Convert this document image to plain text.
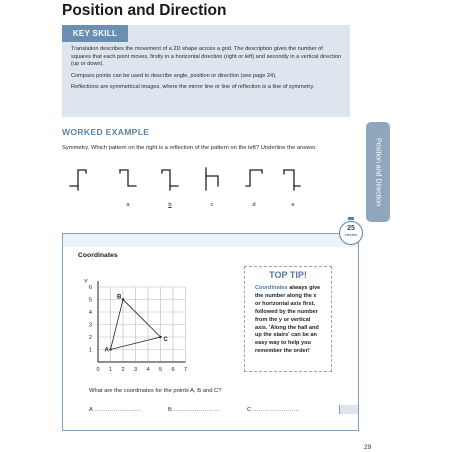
Position and Direction
KEY SKILL

Translation describes the movement of a 2D shape across a grid. The description gives the number of squares that each point moves, firstly in a horizontal direction (right or left) and secondly in a vertical direction (up or down).

Compass points can be used to describe angle, position or direction (see page 24).

Reflections are symmetrical images, where the mirror line or line of reflection is a line of symmetry.

WORKED EXAMPLE
Symmetry. Which pattern on the right is a reflection of the pattern on the left? Underline the answer.
a	b	c	d	e	Position and Direction
25
minutes
Coordinates
Y
0 1 2 3 4 5 6 7
1
2
3
4
5
6
A
B
C
TOP TIP!
Coordinates always give the number along the x or horizontal axis first, followed by the number from the y or vertical axis. 'Along the hall and up the stairs' can be an easy way to help you remember the order!
What are the coordinates for the points A, B and C?
A ……………………	B ……………………	C ……………………
29
